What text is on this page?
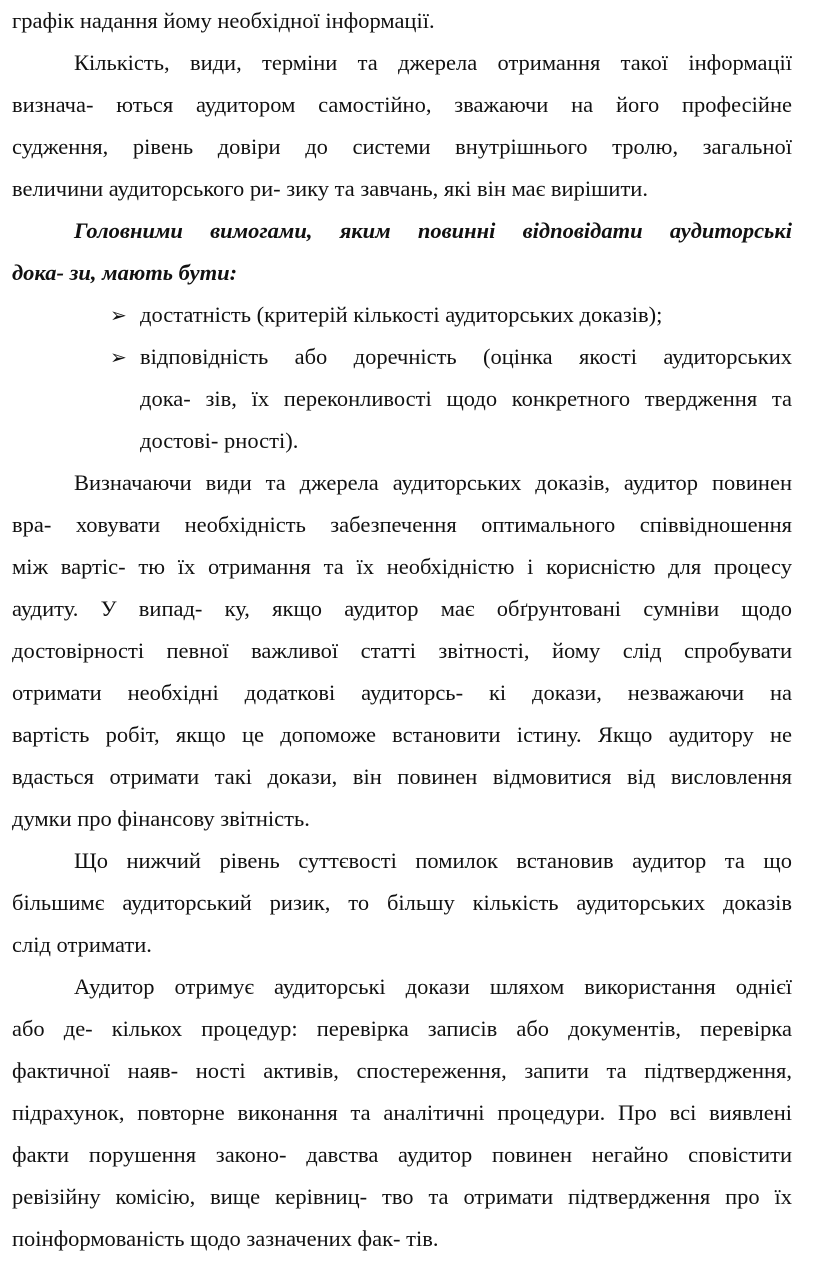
графік надання йому необхідної інформації.
Кількість, види, терміни та джерела отримання такої інформації
визнача- ються аудитором самостійно, зважаючи на його професійне
судження, рівень довіри до системи внутрішнього тролю, загальної
величини аудиторського ри- зику та завчань, які він має вирішити.
Головними вимогами, яким повинні відповідати аудиторські
дока- зи, мають бути:
➢ достатність (критерій кількості аудиторських доказів);
➢ відповідність або доречність (оцінка якості аудиторських
дока- зів, їх переконливості щодо конкретного твердження та
достові- рності).
Визначаючи види та джерела аудиторських доказів, аудитор повинен
вра- ховувати необхідність забезпечення оптимального співвідношення
між вартіс- тю їх отримання та їх необхідністю і корисністю для процесу
аудиту. У випад- ку, якщо аудитор має обґрунтовані сумніви щодо
достовірності певної важливої статті звітності, йому слід спробувати
отримати необхідні додаткові аудиторсь- кі докази, незважаючи на
вартість робіт, якщо це допоможе встановити істину. Якщо аудитору не
вдасться отримати такі докази, він повинен відмовитися від висловлення
думки про фінансову звітність.
Що нижчий рівень суттєвості помилок встановив аудитор та що
більшимє аудиторський ризик, то більшу кількість аудиторських доказів
слід отримати.
Аудитор отримує аудиторські докази шляхом використання однієї
або де- кількох процедур: перевірка записів або документів, перевірка
фактичної наяв- ності активів, спостереження, запити та підтвердження,
підрахунок, повторне виконання та аналітичні процедури. Про всі виявлені
факти порушення законо- давства аудитор повинен негайно сповістити
ревізійну комісію, вище керівниц- тво та отримати підтвердження про їх
поінформованість щодо зазначених фак- тів.
